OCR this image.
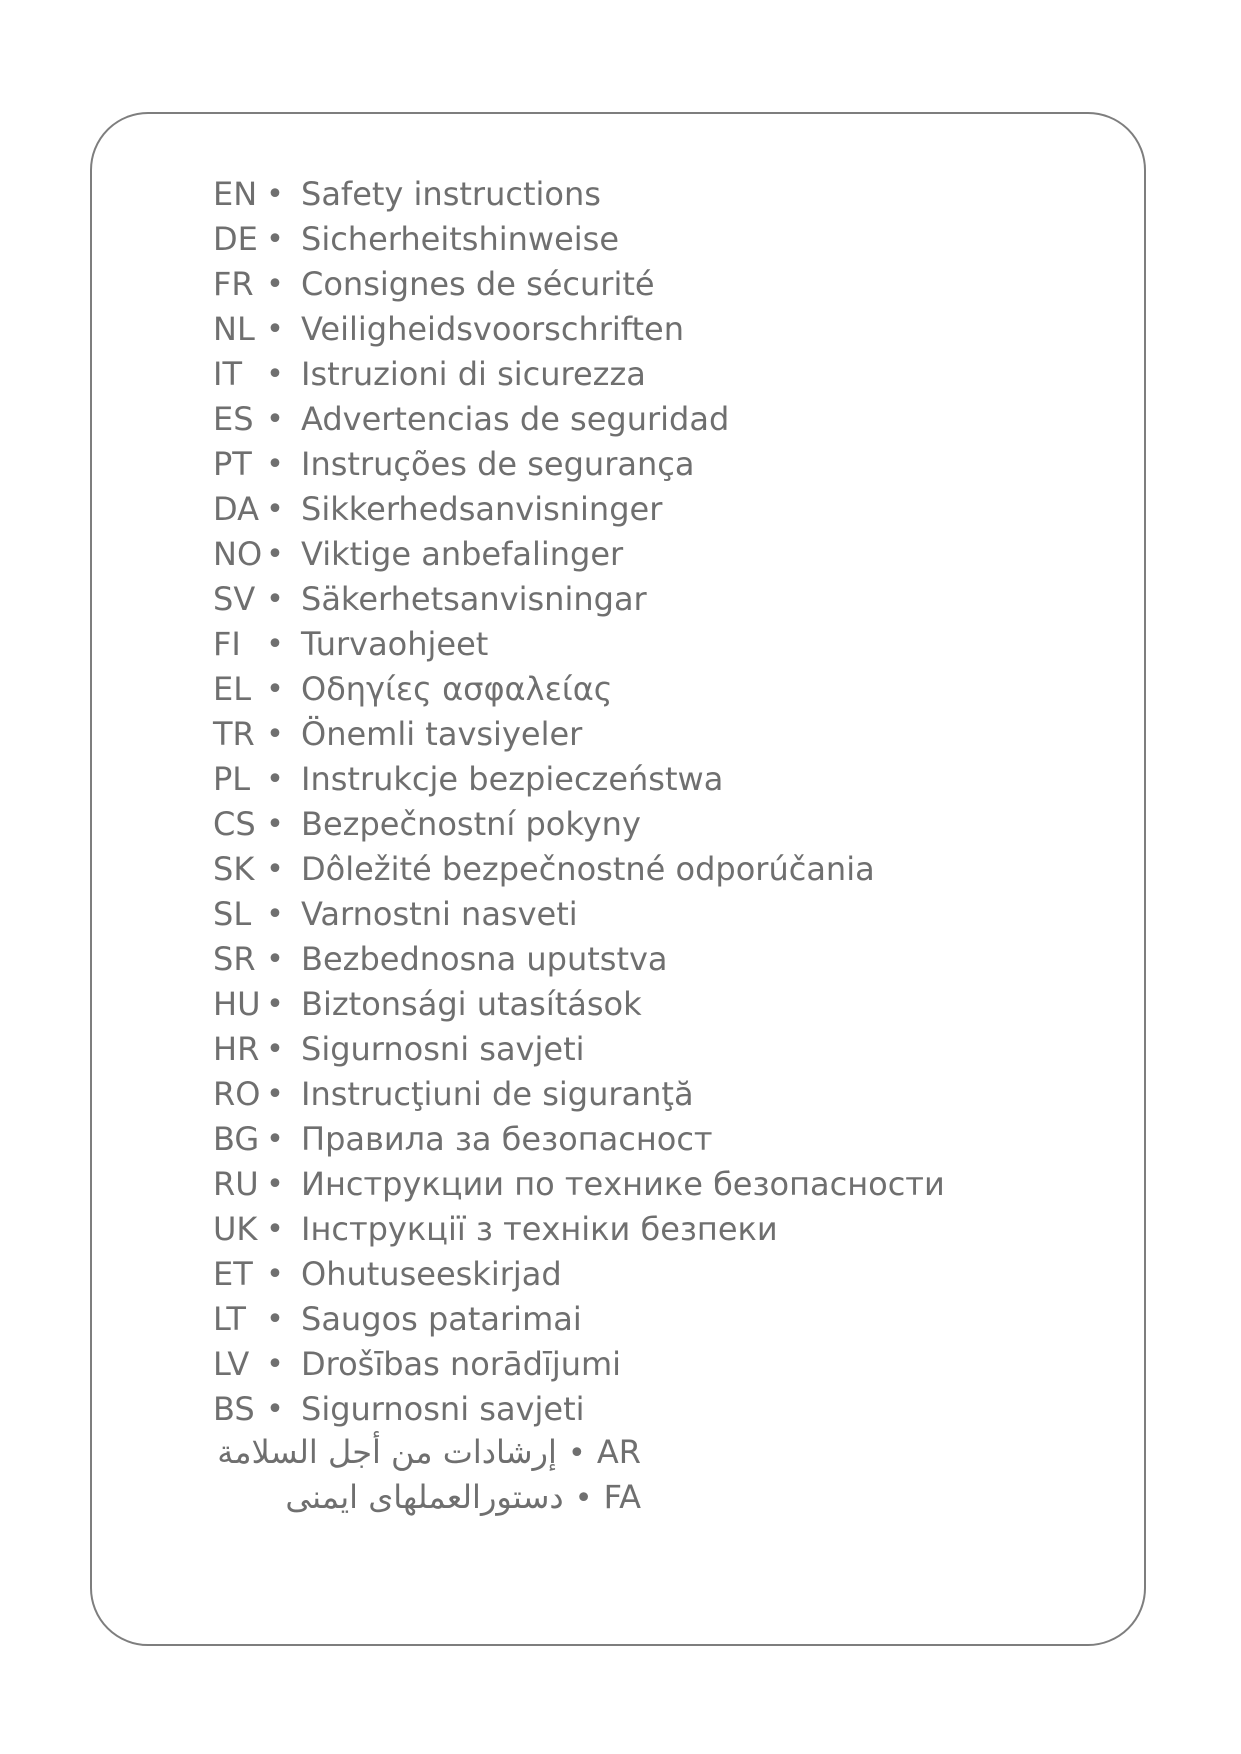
EN • Safety instructions
DE • Sicherheitshinweise
FR • Consignes de sécurité
NL • Veiligheidsvoorschriften
IT • Istruzioni di sicurezza
ES • Advertencias de seguridad
PT • Instruções de segurança
DA • Sikkerhedsanvisninger
NO • Viktige anbefalinger
SV • Säkerhetsanvisningar
FI • Turvaohjeet
EL • Οδηγίες ασφαλείας
TR • Önemli tavsiyeler
PL • Instrukcje bezpieczeństwa
CS • Bezpečnostní pokyny
SK • Dôležité bezpečnostné odporúčania
SL • Varnostni nasveti
SR • Bezbednosna uputstva
HU • Biztonsági utasítások
HR • Sigurnosni savjeti
RO • Instrucţiuni de siguranţă
BG • Правила за безопасност
RU • Инструкции по технике безопасности
UK • Інструкції з техніки безпеки
ET • Ohutuseeskirjad
LT • Saugos patarimai
LV • Drošības norādījumi
BS • Sigurnosni savjeti
إرشادات من أجل السلامة • AR
دستورالعملهای ایمنی • FA
